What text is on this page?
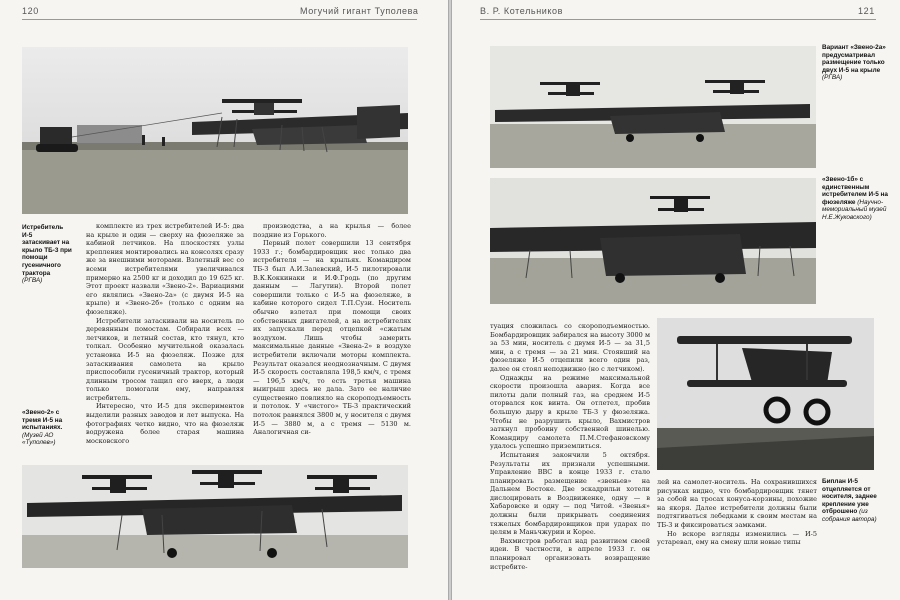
120	Могучий гигант Туполева
Истребитель И-5 затаскивает на крыло ТБ-3 при помощи гусеничного трактора (РГВА)
«Звено-2» с тремя И-5 на испытаниях. (Музей АО «Туполев»)

комплекте из трех истребителей И-5: два на крыле и один — сверху на фюзеляже за кабиной летчиков. На плоскостях узлы крепления монтировались на консолях сразу же за внешними моторами. Взлетный вес со всеми истребителями увеличивался примерно на 2500 кг и доходил до 19 625 кг. Этот проект назвали «Звено-2». Вариациями его являлись «Звено-2а» (с двумя И-5 на крыле) и «Звено-2б» (только с одним на фюзеляже).

Истребители затаскивали на носитель по деревянным помостам. Собирали всех — летчиков, и летный состав, кто тянул, кто толкал. Особенно мучительной оказалась установка И-5 на фюзеляж. Позже для затаскивания самолета на крыло приспособили гусеничный трактор, который длинным тросом тащил его вверх, а люди только помогали ему, направляя истребитель.

Интересно, что И-5 для экспериментов выделили разных заводов и лет выпуска. На фотографиях четко видно, что на фюзеляж водружена более старая машина московского

производства, а на крылья — более поздние из Горького.

Первый полет совершили 13 сентября 1933 г.; бомбардировщик нес только два истребителя — на крыльях. Командиром ТБ-3 был А.И.Залевский, И-5 пилотировали В.К.Коккинаки и И.Ф.Гродь (по другим данным — Лагутин). Второй полет совершили только с И-5 на фюзеляже, в кабине которого сидел Т.П.Сузи. Носитель обычно взлетал при помощи своих собственных двигателей, а на истребителях их запускали перед отцепкой «сжатым воздухом. Лишь чтобы замерить максимальные данные «Звена-2» в воздухе истребители включали моторы комплекта. Результат оказался неоднозначным. С двумя И-5 скорость составляла 198,5 км/ч, с тремя — 196,5 км/ч, то есть третья машина выигрыш здесь не дала. Зато ее наличие существенно повлияло на скороподъемность и потолок. У «чистого» ТБ-3 практический потолок равнялся 3800 м, у носителя с двумя И-5 — 3880 м, а с тремя — 5130 м. Аналогичная си-

В. Р. Котельников	121
Вариант «Звено-2а» предусматривал размещение только двух И-5 на крыле (РГВА)
«Звено-1б» с единственным истребителем И-5 на фюзеляже (Научно-мемориальный музей Н.Е.Жуковского)

туация сложилась со скороподъемностью. Бомбардировщик забирался на высоту 3000 м за 53 мин, носитель с двумя И-5 — за 31,5 мин, а с тремя — за 21 мин. Стоявший на фюзеляже И-5 отцепили всего один раз, далее он стоял неподвижно (но с летчиком).

Однажды на режиме максимальной скорости произошла авария. Когда все пилоты дали полный газ, на среднем И-5 оторвался кок винта. Он отлетел, пробив большую дыру в крыле ТБ-3 у фюзеляжа. Чтобы не разрушить крыло, Вахмистров заткнул пробоину собственной шинелью. Командиру самолета П.М.Стефановскому удалось успешно приземлиться.

Испытания закончили 5 октября. Результаты их признали успешными. Управление ВВС в конце 1933 г. стало планировать размещение «звеньев» на Дальнем Востоке. Две эскадрильи хотели дислоцировать в Воздвиженке, одну — в Хабаровске и одну — под Читой. «Звенья» должны были прикрывать соединения тяжелых бомбардировщиков при ударах по целям в Маньчжурии и Корее.

Вахмистров работал над развитием своей идеи. В частности, в апреле 1933 г. он планировал организовать возвращение истребите-

Биплан И-5 отцепляется от носителя, заднее крепление уже отброшено (из собрания автора)

лей на самолет-носитель. На сохранившихся рисунках видно, что бомбардировщик тянет за собой на тросах конуса-корзины, похожие на якоря. Далее истребители должны были подтягиваться лебедками к своим местам на ТБ-3 и фиксироваться замками.

Но вскоре взгляды изменились — И-5 устаревал, ему на смену шли новые типы
